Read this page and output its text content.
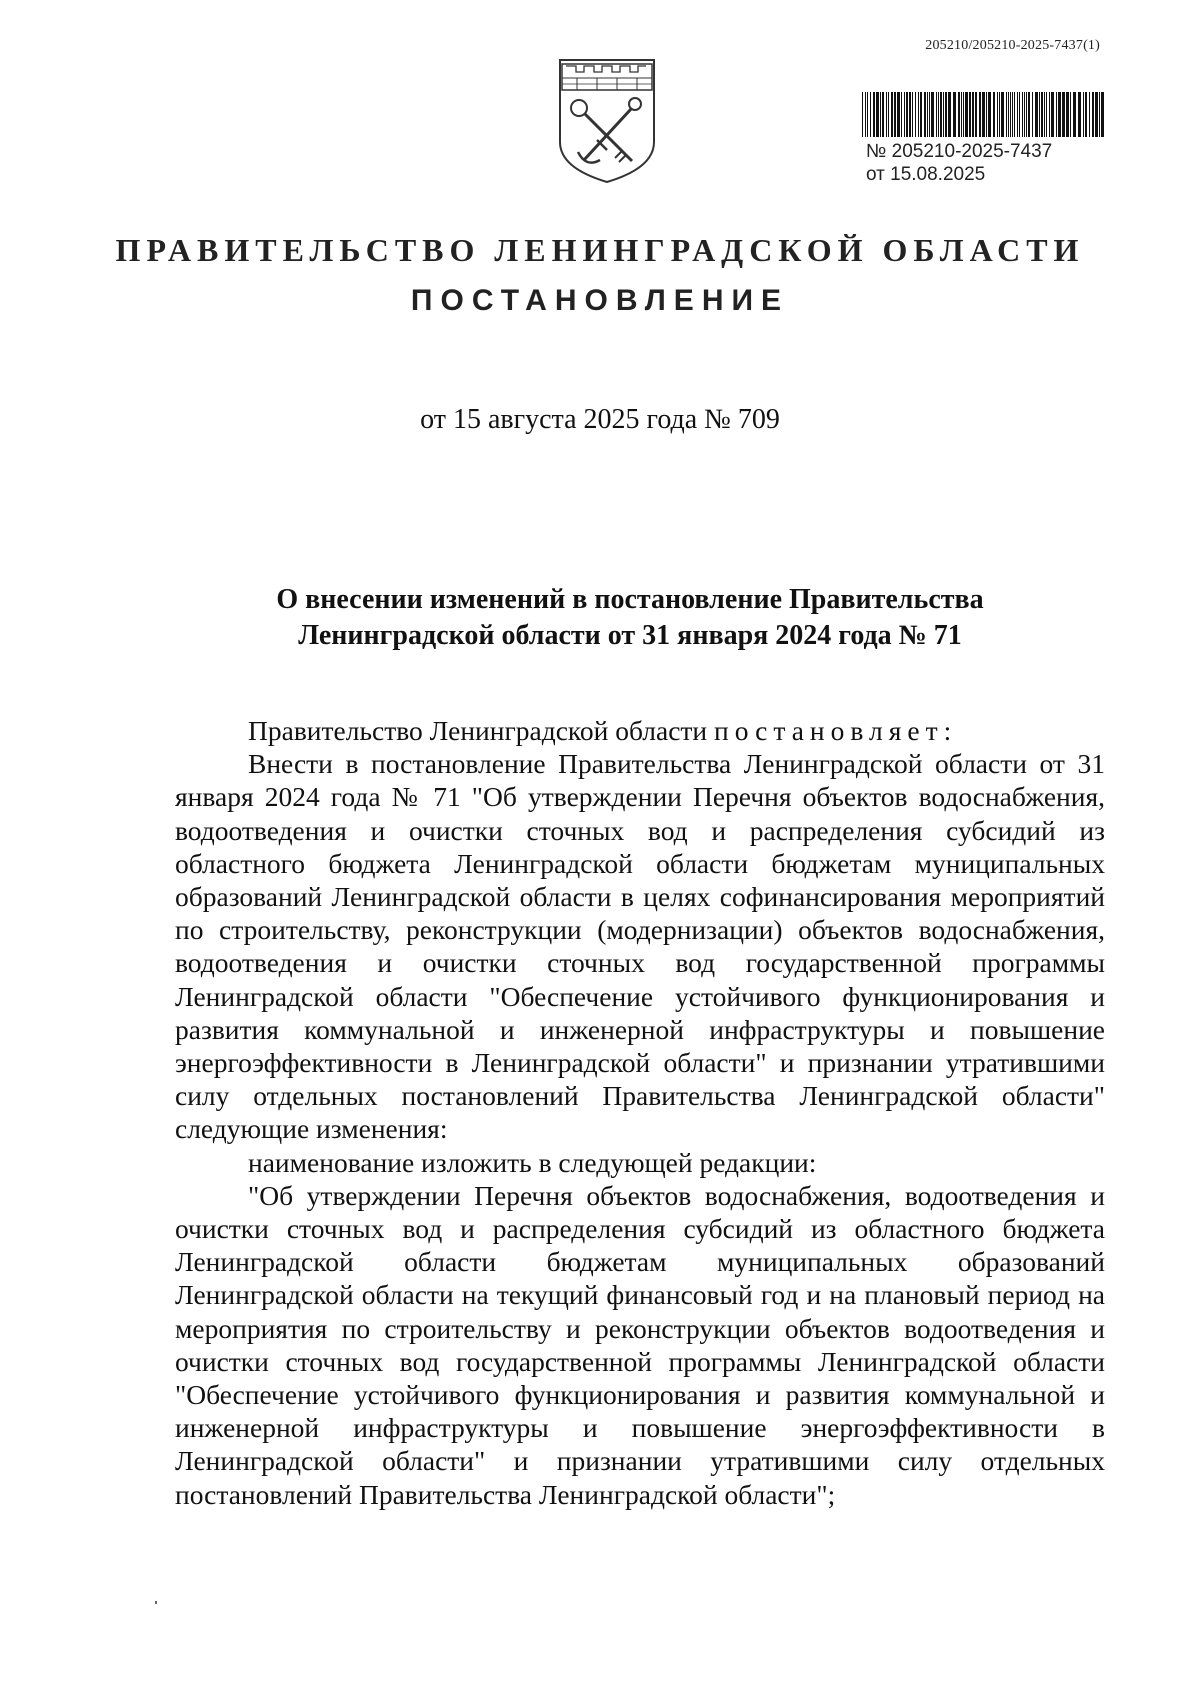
205210/205210-2025-7437(1)
№ 205210-2025-7437
от 15.08.2025
ПРАВИТЕЛЬСТВО ЛЕНИНГРАДСКОЙ ОБЛАСТИ
ПОСТАНОВЛЕНИЕ
от 15 августа 2025 года № 709
О внесении изменений в постановление Правительства
Ленинградской области от 31 января 2024 года № 71

Правительство Ленинградской области постановляет:

Внести в постановление Правительства Ленинградской области от 31 января 2024 года № 71 "Об утверждении Перечня объектов водоснабжения, водоотведения и очистки сточных вод и распределения субсидий из областного бюджета Ленинградской области бюджетам муниципальных образований Ленинградской области в целях софинансирования мероприятий по строительству, реконструкции (модернизации) объектов водоснабжения, водоотведения и очистки сточных вод государственной программы Ленинградской области "Обеспечение устойчивого функционирования и развития коммунальной и инженерной инфраструктуры и повышение энергоэффективности в Ленинградской области" и признании утратившими силу отдельных постановлений Правительства Ленинградской области" следующие изменения:

наименование изложить в следующей редакции:

"Об утверждении Перечня объектов водоснабжения, водоотведения и очистки сточных вод и распределения субсидий из областного бюджета Ленинградской области бюджетам муниципальных образований Ленинградской области на текущий финансовый год и на плановый период на мероприятия по строительству и реконструкции объектов водоотведения и очистки сточных вод государственной программы Ленинградской области "Обеспечение устойчивого функционирования и развития коммунальной и инженерной инфраструктуры и повышение энергоэффективности в Ленинградской области" и признании утратившими силу отдельных постановлений Правительства Ленинградской области";
